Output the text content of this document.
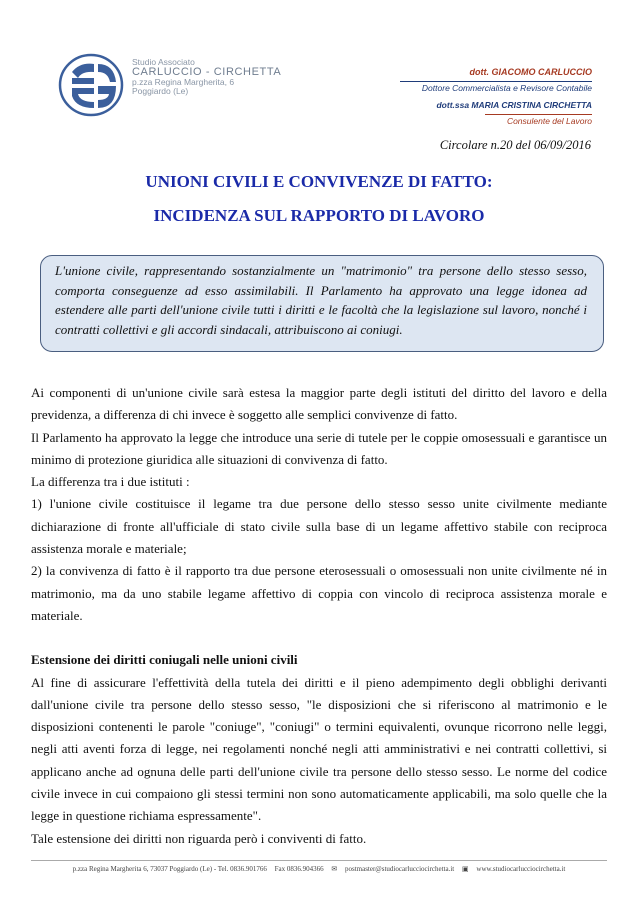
Studio Associato
CARLUCCIO - CIRCHETTA
p.zza Regina Margherita, 6
Poggiardo (Le)
dott. GIACOMO CARLUCCIO
Dottore Commercialista e Revisore Contabile
dott.ssa MARIA CRISTINA CIRCHETTA
Consulente del Lavoro
Circolare n.20 del 06/09/2016
UNIONI CIVILI E CONVIVENZE DI FATTO:
INCIDENZA SUL RAPPORTO DI LAVORO

L'unione civile, rappresentando sostanzialmente un "matrimonio" tra persone dello stesso sesso, comporta conseguenze ad esso assimilabili. Il Parlamento ha approvato una legge idonea ad estendere alle parti dell'unione civile tutti i diritti e le facoltà che la legislazione sul lavoro, nonché i contratti collettivi e gli accordi sindacali, attribuiscono ai coniugi.

Ai componenti di un'unione civile sarà estesa la maggior parte degli istituti del diritto del lavoro e della previdenza, a differenza di chi invece è soggetto alle semplici convivenze di fatto.

Il Parlamento ha approvato la legge che introduce una serie di tutele per le coppie omosessuali e garantisce un minimo di protezione giuridica alle situazioni di convivenza di fatto.

La differenza tra i due istituti :

1) l'unione civile costituisce il legame tra due persone dello stesso sesso unite civilmente mediante dichiarazione di fronte all'ufficiale di stato civile sulla base di un legame affettivo stabile con reciproca assistenza morale e materiale;

2) la convivenza di fatto è il rapporto tra due persone eterosessuali o omosessuali non unite civilmente né in matrimonio, ma da uno stabile legame affettivo di coppia con vincolo di reciproca assistenza morale e materiale.

Estensione dei diritti coniugali nelle unioni civili

Al fine di assicurare l'effettività della tutela dei diritti e il pieno adempimento degli obblighi derivanti dall'unione civile tra persone dello stesso sesso, "le disposizioni che si riferiscono al matrimonio e le disposizioni contenenti le parole "coniuge", "coniugi" o termini equivalenti, ovunque ricorrono nelle leggi, negli atti aventi forza di legge, nei regolamenti nonché negli atti amministrativi e nei contratti collettivi, si applicano anche ad ognuna delle parti dell'unione civile tra persone dello stesso sesso. Le norme del codice civile invece in cui compaiono gli stessi termini non sono automaticamente applicabili, ma solo quelle che la legge in questione richiama espressamente".

Tale estensione dei diritti non riguarda però i conviventi di fatto.

p.zza Regina Margherita 6, 73037 Poggiardo (Le) - Tel. 0836.901766 Fax 0836.904366 ✉ postmaster@studiocarlucciocirchetta.it ▣ www.studiocarlucciocirchetta.it
